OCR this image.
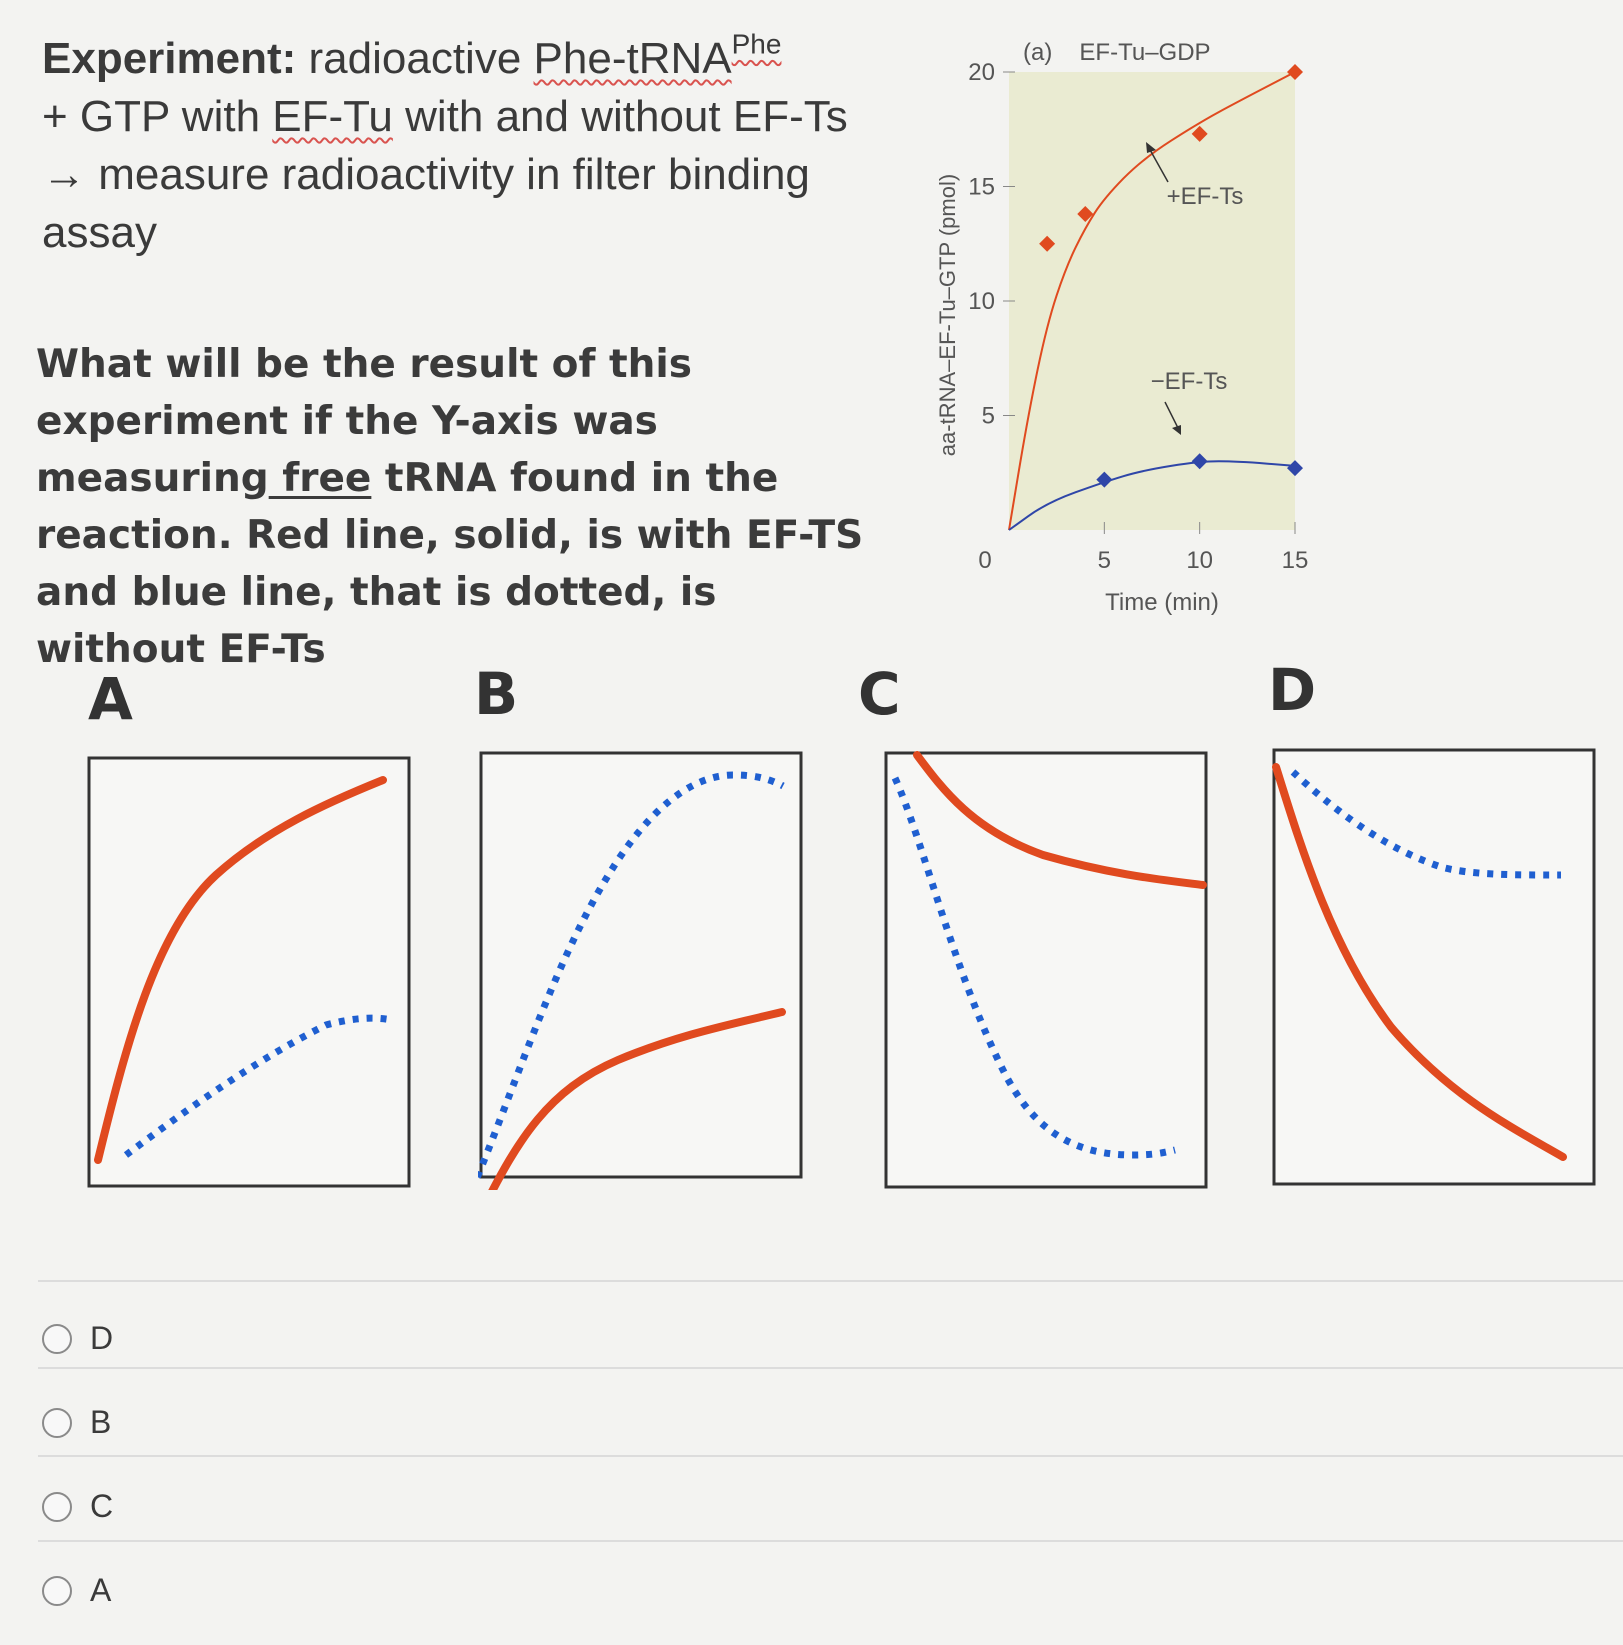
Experiment: radioactive Phe-tRNA$^{Phe}$
+ GTP with EF-Tu with and without EF-Ts → measure radioactivity in filter binding assay
What will be the result of this experiment if the Y-axis was measuring free tRNA found in the reaction. Red line, solid, is with EF-TS and blue line, that is dotted, is without EF-Ts
5
10
15
20
5	10	15
0
(a) EF-Tu–GDP
Time (min)
aa-tRNA–EF-Tu–GTP (pmol)	+EF-Ts
−EF-Ts
A	B	C	D
D
B
C
A
